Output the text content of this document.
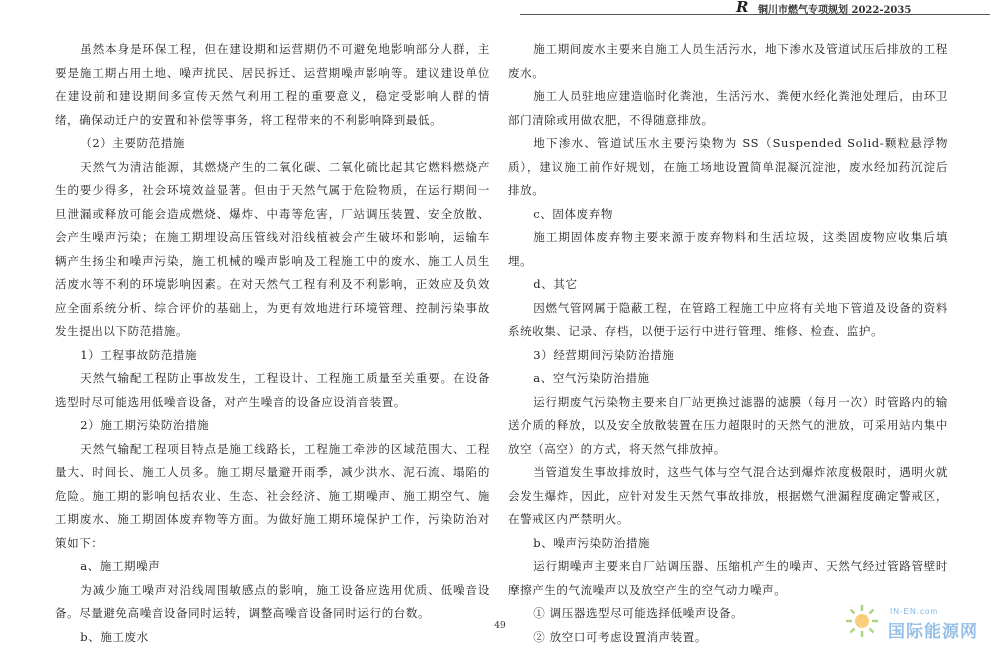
R 铜川市燃气专项规划 2022-2035

虽然本身是环保工程，但在建设期和运营期仍不可避免地影响部分人群，主要是施工期占用土地、噪声扰民、居民拆迁、运营期噪声影响等。建议建设单位在建设前和建设期间多宣传天然气利用工程的重要意义，稳定受影响人群的情绪，确保动迁户的安置和补偿等事务，将工程带来的不利影响降到最低。

（2）主要防范措施

天然气为清洁能源，其燃烧产生的二氧化碳、二氧化硫比起其它燃料燃烧产生的要少得多，社会环境效益显著。但由于天然气属于危险物质，在运行期间一旦泄漏或释放可能会造成燃烧、爆炸、中毒等危害，厂站调压装置、安全放散、会产生噪声污染；在施工期埋设高压管线对沿线植被会产生破坏和影响，运输车辆产生扬尘和噪声污染，施工机械的噪声影响及工程施工中的废水、施工人员生活废水等不利的环境影响因素。在对天然气工程有利及不利影响，正效应及负效应全面系统分析、综合评价的基础上，为更有效地进行环境管理、控制污染事故发生提出以下防范措施。

1）工程事故防范措施

天然气输配工程防止事故发生，工程设计、工程施工质量至关重要。在设备选型时尽可能选用低噪音设备，对产生噪音的设备应设消音装置。

2）施工期污染防治措施

天然气输配工程项目特点是施工线路长，工程施工牵涉的区域范围大、工程量大、时间长、施工人员多。施工期尽量避开雨季，减少洪水、泥石流、塌陷的危险。施工期的影响包括农业、生态、社会经济、施工期噪声、施工期空气、施工期废水、施工期固体废弃物等方面。为做好施工期环境保护工作，污染防治对策如下：

a、施工期噪声

为减少施工噪声对沿线周围敏感点的影响，施工设备应选用优质、低噪音设备。尽量避免高噪音设备同时运转，调整高噪音设备同时运行的台数。

b、施工废水

施工期间废水主要来自施工人员生活污水，地下渗水及管道试压后排放的工程废水。

施工人员驻地应建造临时化粪池，生活污水、粪便水经化粪池处理后，由环卫部门清除或用做农肥，不得随意排放。

地下渗水、管道试压水主要污染物为 SS（Suspended Solid-颗粒悬浮物质），建议施工前作好规划，在施工场地设置简单混凝沉淀池，废水经加药沉淀后排放。

c、固体废弃物

施工期固体废弃物主要来源于废弃物料和生活垃圾，这类固废物应收集后填埋。

d、其它

因燃气管网属于隐蔽工程，在管路工程施工中应将有关地下管道及设备的资料系统收集、记录、存档，以便于运行中进行管理、维修、检查、监护。

3）经营期间污染防治措施

a、空气污染防治措施

运行期废气污染物主要来自厂站更换过滤器的滤膜（每月一次）时管路内的输送介质的释放，以及安全放散装置在压力超限时的天然气的泄放，可采用站内集中放空（高空）的方式，将天然气排放掉。

当管道发生事故排放时，这些气体与空气混合达到爆炸浓度极限时，遇明火就会发生爆炸，因此，应针对发生天然气事故排放，根据燃气泄漏程度确定警戒区，在警戒区内严禁明火。

b、噪声污染防治措施

运行期噪声主要来自厂站调压器、压缩机产生的噪声、天然气经过管路管壁时摩擦产生的气流噪声以及放空产生的空气动力噪声。

① 调压器选型尽可能选择低噪声设备。

② 放空口可考虑设置消声装置。

49
IN-EN.com
国际能源网
